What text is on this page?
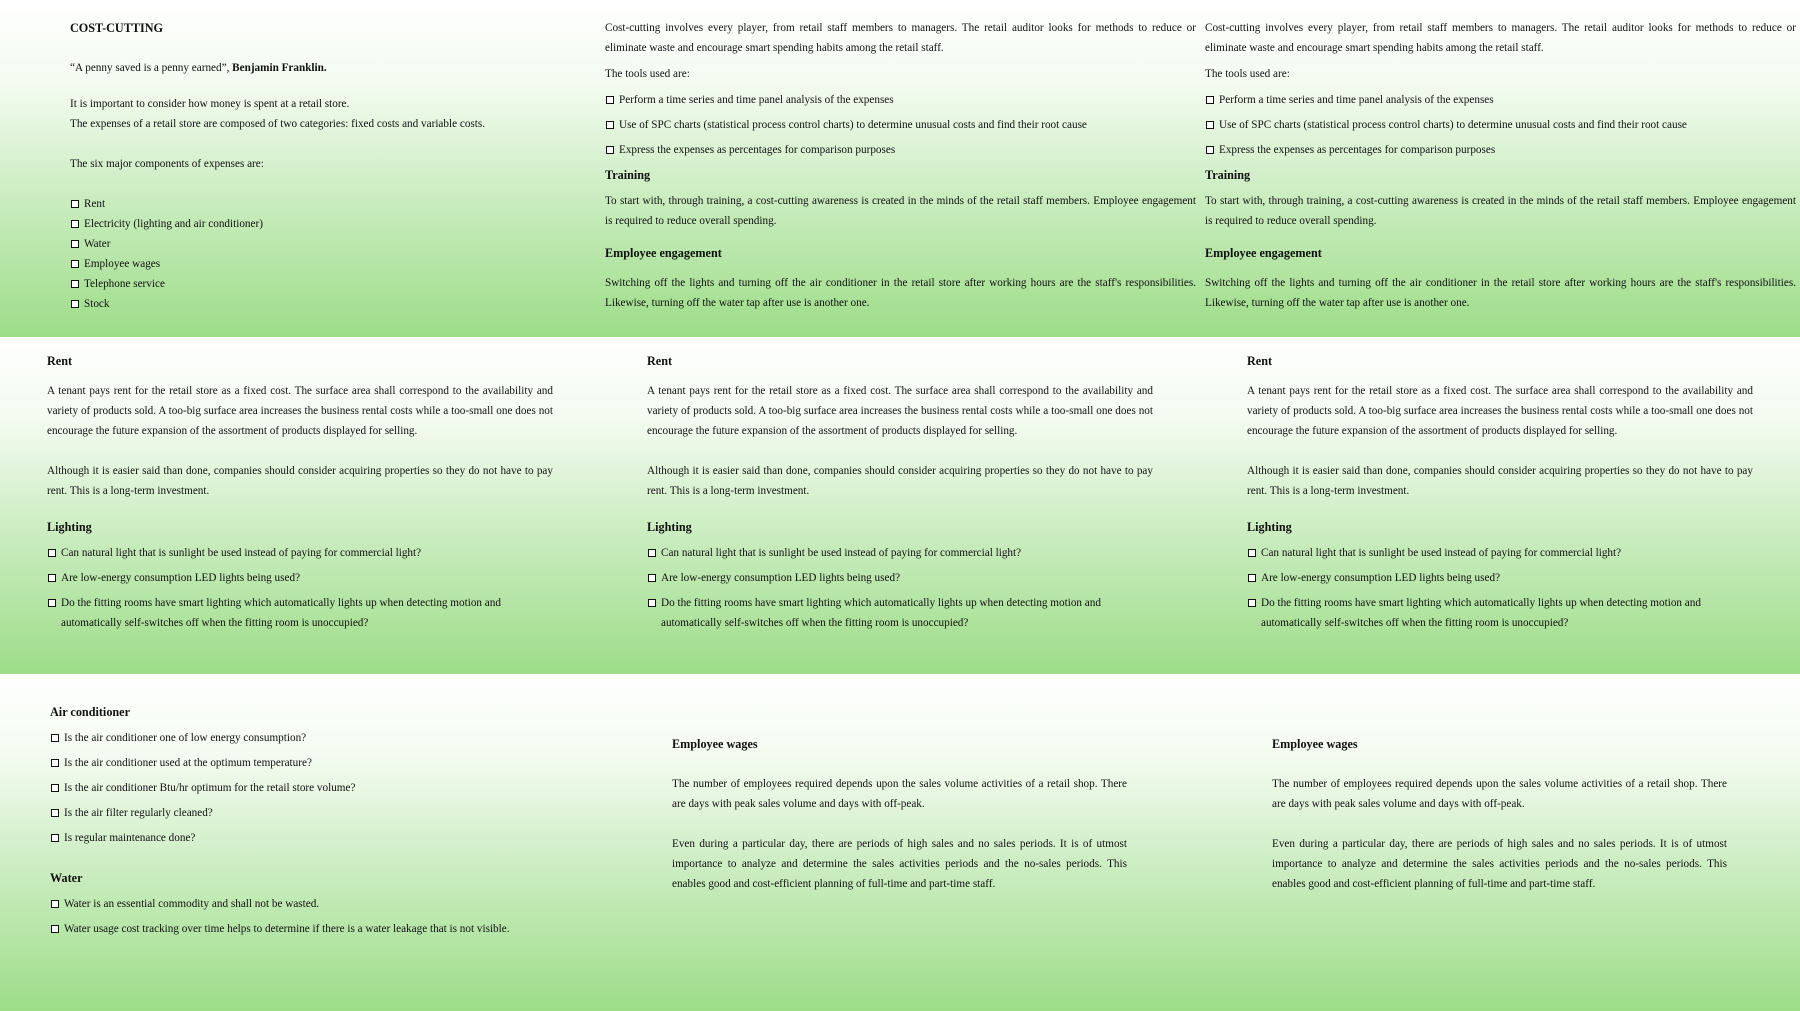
COST-CUTTING

“A penny saved is a penny earned”, Benjamin Franklin.

It is important to consider how money is spent at a retail store.

The expenses of a retail store are composed of two categories: fixed costs and variable costs.

The six major components of expenses are:

Rent
Electricity (lighting and air conditioner)
Water
Employee wages
Telephone service
Stock

Cost-cutting involves every player, from retail staff members to managers. The retail auditor looks for methods to reduce or eliminate waste and encourage smart spending habits among the retail staff.

The tools used are:

Perform a time series and time panel analysis of the expenses
Use of SPC charts (statistical process control charts) to determine unusual costs and find their root cause
Express the expenses as percentages for comparison purposes
Training

To start with, through training, a cost-cutting awareness is created in the minds of the retail staff members. Employee engagement is required to reduce overall spending.

Employee engagement

Switching off the lights and turning off the air conditioner in the retail store after working hours are the staff's responsibilities. Likewise, turning off the water tap after use is another one.

Cost-cutting involves every player, from retail staff members to managers. The retail auditor looks for methods to reduce or eliminate waste and encourage smart spending habits among the retail staff.

The tools used are:

Perform a time series and time panel analysis of the expenses
Use of SPC charts (statistical process control charts) to determine unusual costs and find their root cause
Express the expenses as percentages for comparison purposes
Training

To start with, through training, a cost-cutting awareness is created in the minds of the retail staff members. Employee engagement is required to reduce overall spending.

Employee engagement

Switching off the lights and turning off the air conditioner in the retail store after working hours are the staff's responsibilities. Likewise, turning off the water tap after use is another one.

Rent

A tenant pays rent for the retail store as a fixed cost. The surface area shall correspond to the availability and variety of products sold. A too-big surface area increases the business rental costs while a too-small one does not encourage the future expansion of the assortment of products displayed for selling.

Although it is easier said than done, companies should consider acquiring properties so they do not have to pay rent. This is a long-term investment.

Lighting
Can natural light that is sunlight be used instead of paying for commercial light?
Are low-energy consumption LED lights being used?
Do the fitting rooms have smart lighting which automatically lights up when detecting motion and automatically self-switches off when the fitting room is unoccupied?
Rent

A tenant pays rent for the retail store as a fixed cost. The surface area shall correspond to the availability and variety of products sold. A too-big surface area increases the business rental costs while a too-small one does not encourage the future expansion of the assortment of products displayed for selling.

Although it is easier said than done, companies should consider acquiring properties so they do not have to pay rent. This is a long-term investment.

Lighting
Can natural light that is sunlight be used instead of paying for commercial light?
Are low-energy consumption LED lights being used?
Do the fitting rooms have smart lighting which automatically lights up when detecting motion and automatically self-switches off when the fitting room is unoccupied?
Rent

A tenant pays rent for the retail store as a fixed cost. The surface area shall correspond to the availability and variety of products sold. A too-big surface area increases the business rental costs while a too-small one does not encourage the future expansion of the assortment of products displayed for selling.

Although it is easier said than done, companies should consider acquiring properties so they do not have to pay rent. This is a long-term investment.

Lighting
Can natural light that is sunlight be used instead of paying for commercial light?
Are low-energy consumption LED lights being used?
Do the fitting rooms have smart lighting which automatically lights up when detecting motion and automatically self-switches off when the fitting room is unoccupied?
Air conditioner
Is the air conditioner one of low energy consumption?
Is the air conditioner used at the optimum temperature?
Is the air conditioner Btu/hr optimum for the retail store volume?
Is the air filter regularly cleaned?
Is regular maintenance done?
Water
Water is an essential commodity and shall not be wasted.
Water usage cost tracking over time helps to determine if there is a water leakage that is not visible.
Employee wages

The number of employees required depends upon the sales volume activities of a retail shop. There are days with peak sales volume and days with off-peak.

Even during a particular day, there are periods of high sales and no sales periods. It is of utmost importance to analyze and determine the sales activities periods and the no-sales periods. This enables good and cost-efficient planning of full-time and part-time staff.

Employee wages

The number of employees required depends upon the sales volume activities of a retail shop. There are days with peak sales volume and days with off-peak.

Even during a particular day, there are periods of high sales and no sales periods. It is of utmost importance to analyze and determine the sales activities periods and the no-sales periods. This enables good and cost-efficient planning of full-time and part-time staff.
